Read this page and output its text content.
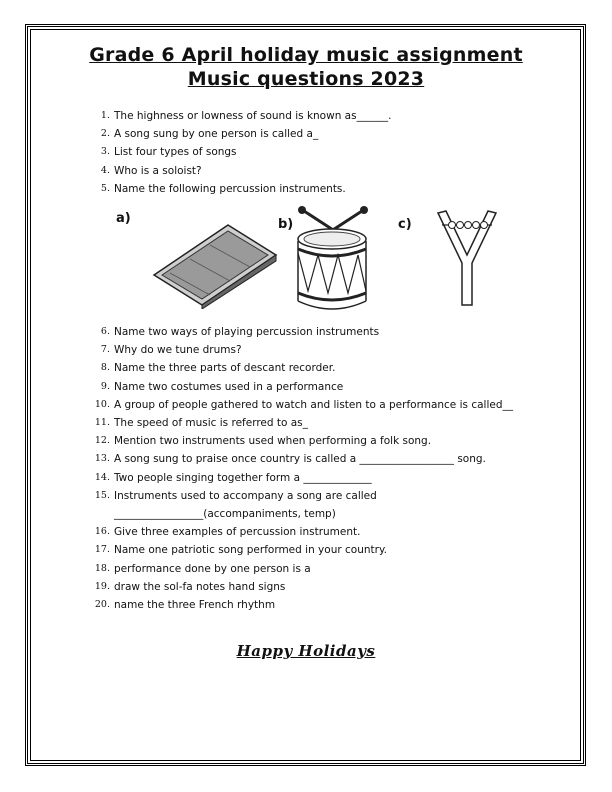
Grade 6 April holiday music assignment
Music questions 2023
1. The highness or lowness of sound is known as______.
2. A song sung by one person is called a_
3. List four types of songs
4. Who is a soloist?
5. Name the following percussion instruments.
a)	b)	c)
6. Name two ways of playing percussion instruments
7. Why do we tune drums?
8. Name the three parts of descant recorder.
9. Name two costumes used in a performance
10. A group of people gathered to watch and listen to a performance is called__
11. The speed of music is referred to as_
12. Mention two instruments used when performing a folk song.
13. A song sung to praise once country is called a __________________ song.
14. Two people singing together form a _____________
15. Instruments used to accompany a song are called
_________________(accompaniments, temp)
16. Give three examples of percussion instrument.
17. Name one patriotic song performed in your country.
18. performance done by one person is a
19. draw the sol-fa notes hand signs
20. name the three French rhythm
Happy Holidays
